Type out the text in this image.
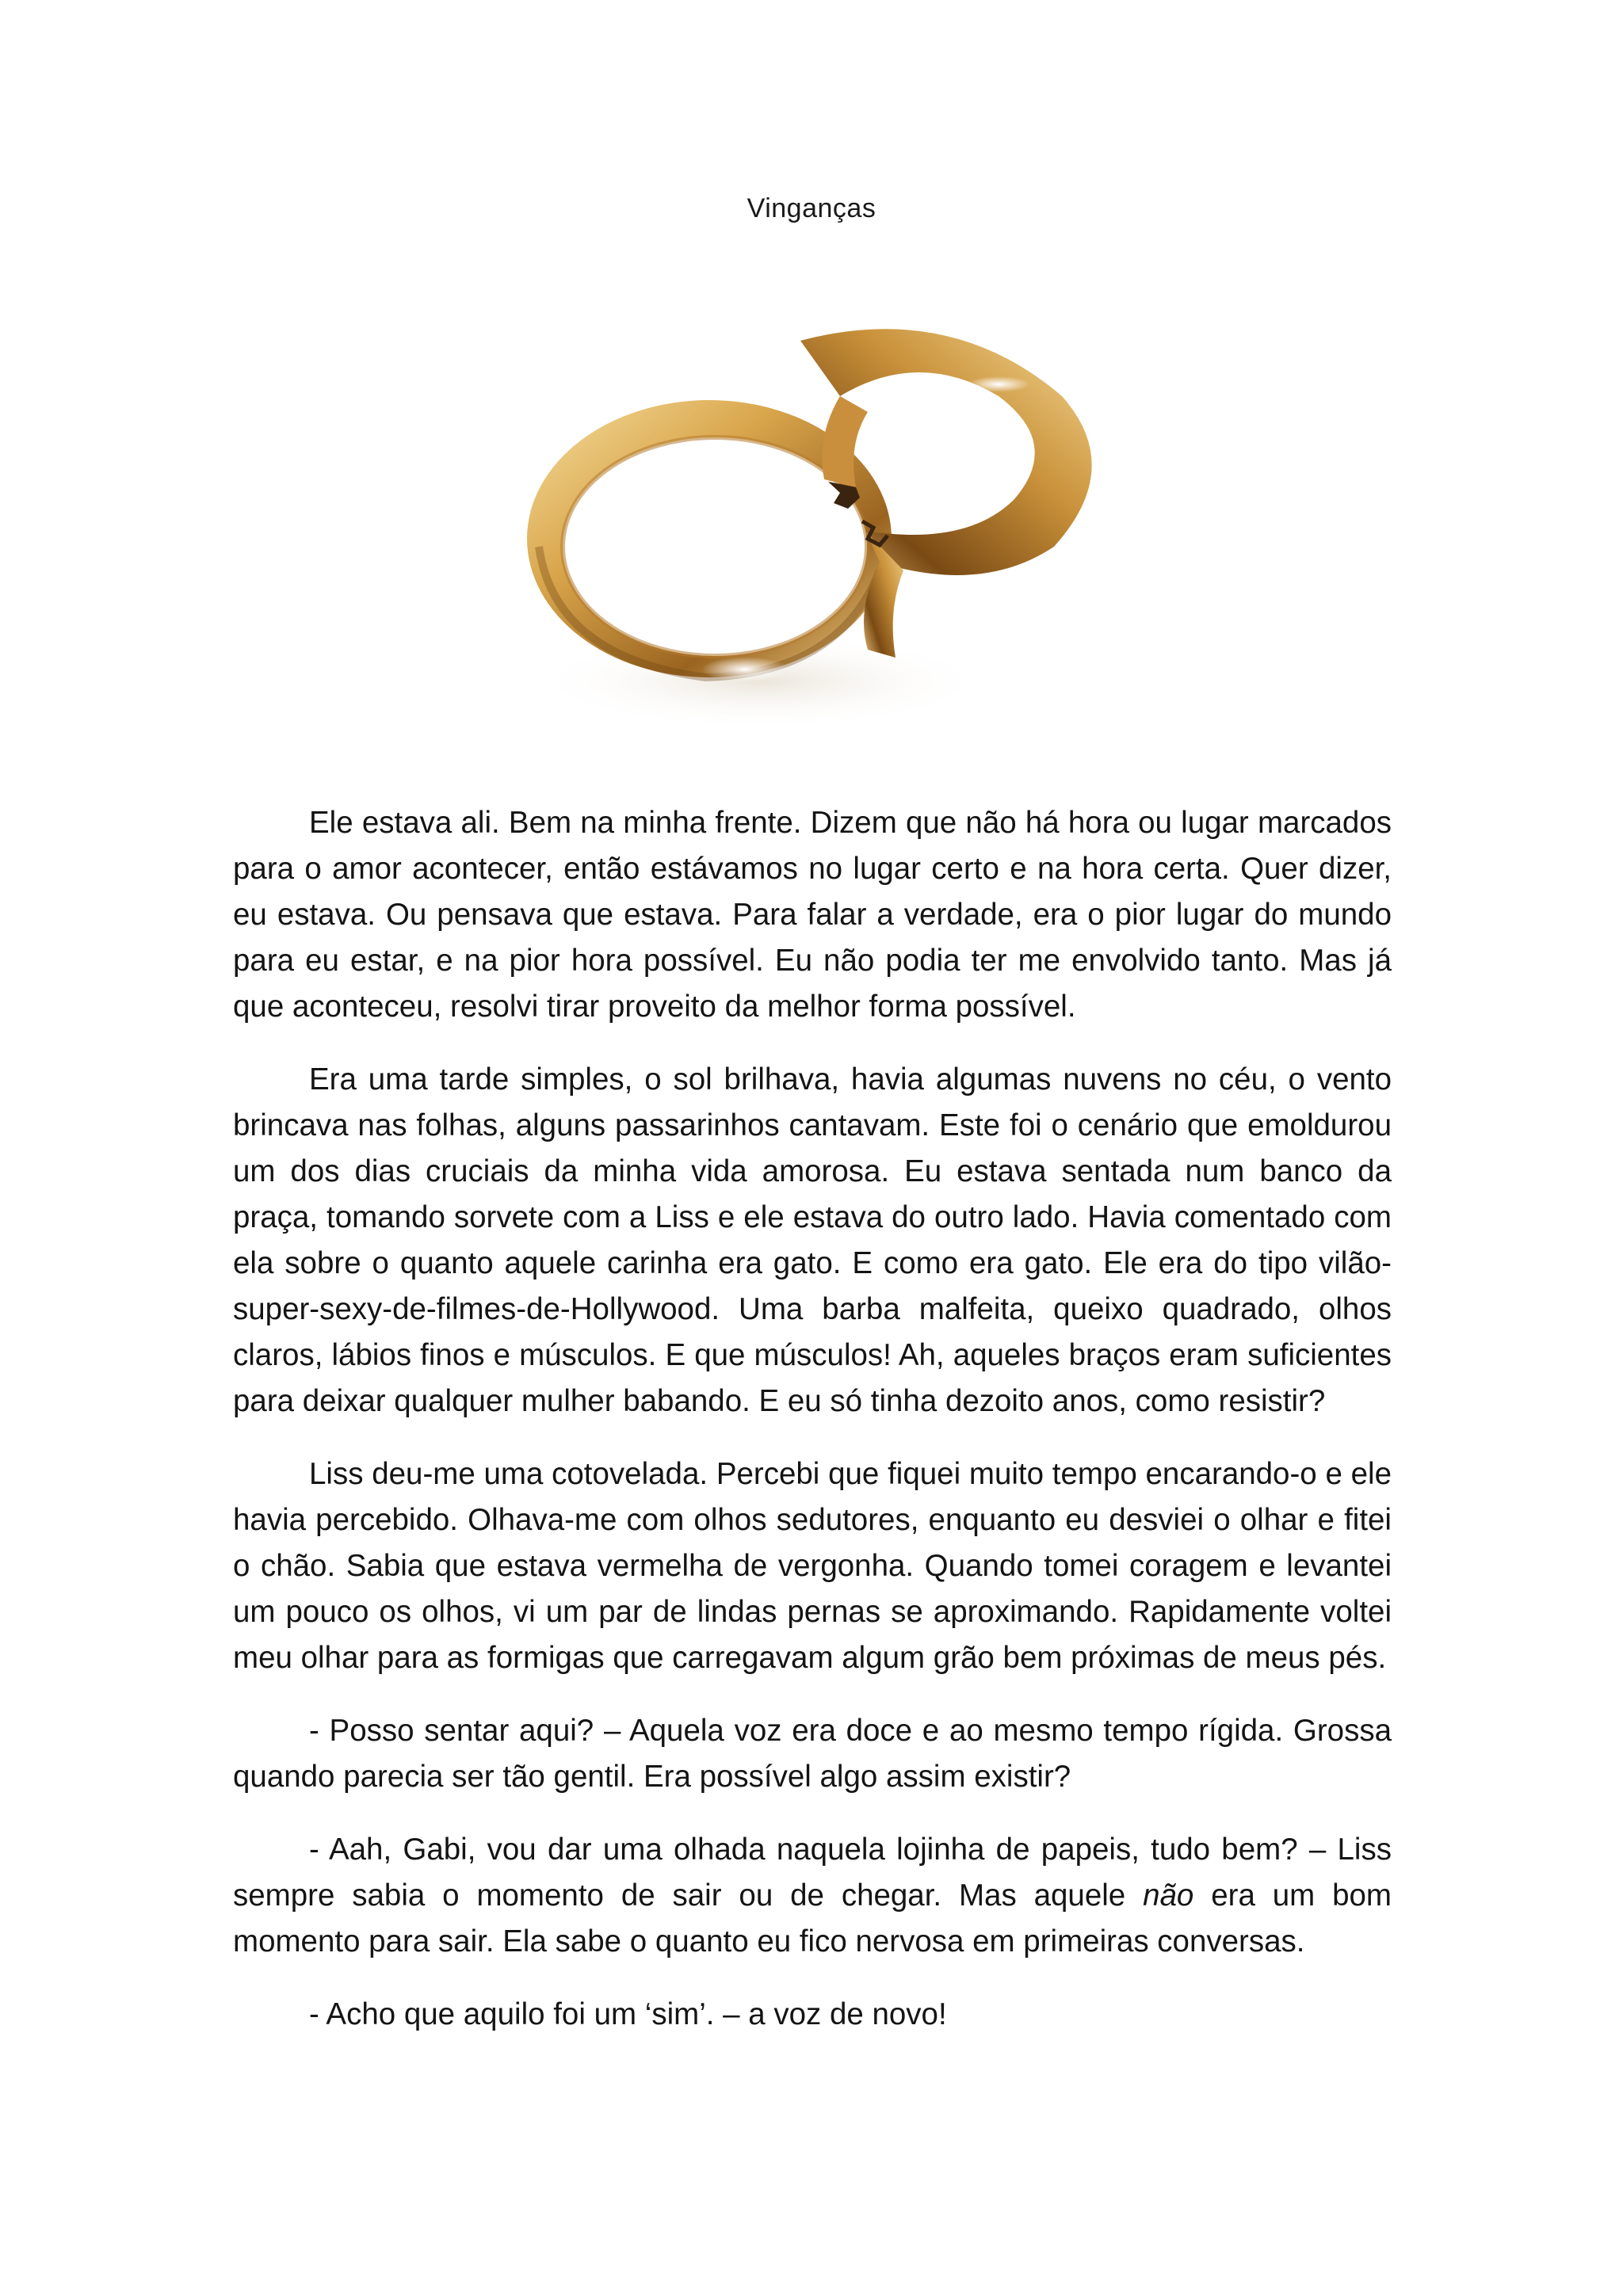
Vinganças

Ele estava ali. Bem na minha frente. Dizem que não há hora ou lugar marcados para o amor acontecer, então estávamos no lugar certo e na hora certa. Quer dizer, eu estava. Ou pensava que estava. Para falar a verdade, era o pior lugar do mundo para eu estar, e na pior hora possível. Eu não podia ter me envolvido tanto. Mas já que aconteceu, resolvi tirar proveito da melhor forma possível.

Era uma tarde simples, o sol brilhava, havia algumas nuvens no céu, o vento brincava nas folhas, alguns passarinhos cantavam. Este foi o cenário que emoldurou um dos dias cruciais da minha vida amorosa. Eu estava sentada num banco da praça, tomando sorvete com a Liss e ele estava do outro lado. Havia comentado com ela sobre o quanto aquele carinha era gato. E como era gato. Ele era do tipo vilão-super-sexy-de-filmes-de-Hollywood. Uma barba malfeita, queixo quadrado, olhos claros, lábios finos e músculos. E que músculos! Ah, aqueles braços eram suficientes para deixar qualquer mulher babando. E eu só tinha dezoito anos, como resistir?

Liss deu-me uma cotovelada. Percebi que fiquei muito tempo encarando-o e ele havia percebido. Olhava-me com olhos sedutores, enquanto eu desviei o olhar e fitei o chão. Sabia que estava vermelha de vergonha. Quando tomei coragem e levantei um pouco os olhos, vi um par de lindas pernas se aproximando. Rapidamente voltei meu olhar para as formigas que carregavam algum grão bem próximas de meus pés.

- Posso sentar aqui? – Aquela voz era doce e ao mesmo tempo rígida. Grossa quando parecia ser tão gentil. Era possível algo assim existir?

- Aah, Gabi, vou dar uma olhada naquela lojinha de papeis, tudo bem? – Liss sempre sabia o momento de sair ou de chegar. Mas aquele não era um bom momento para sair. Ela sabe o quanto eu fico nervosa em primeiras conversas.

- Acho que aquilo foi um ‘sim’. – a voz de novo!
